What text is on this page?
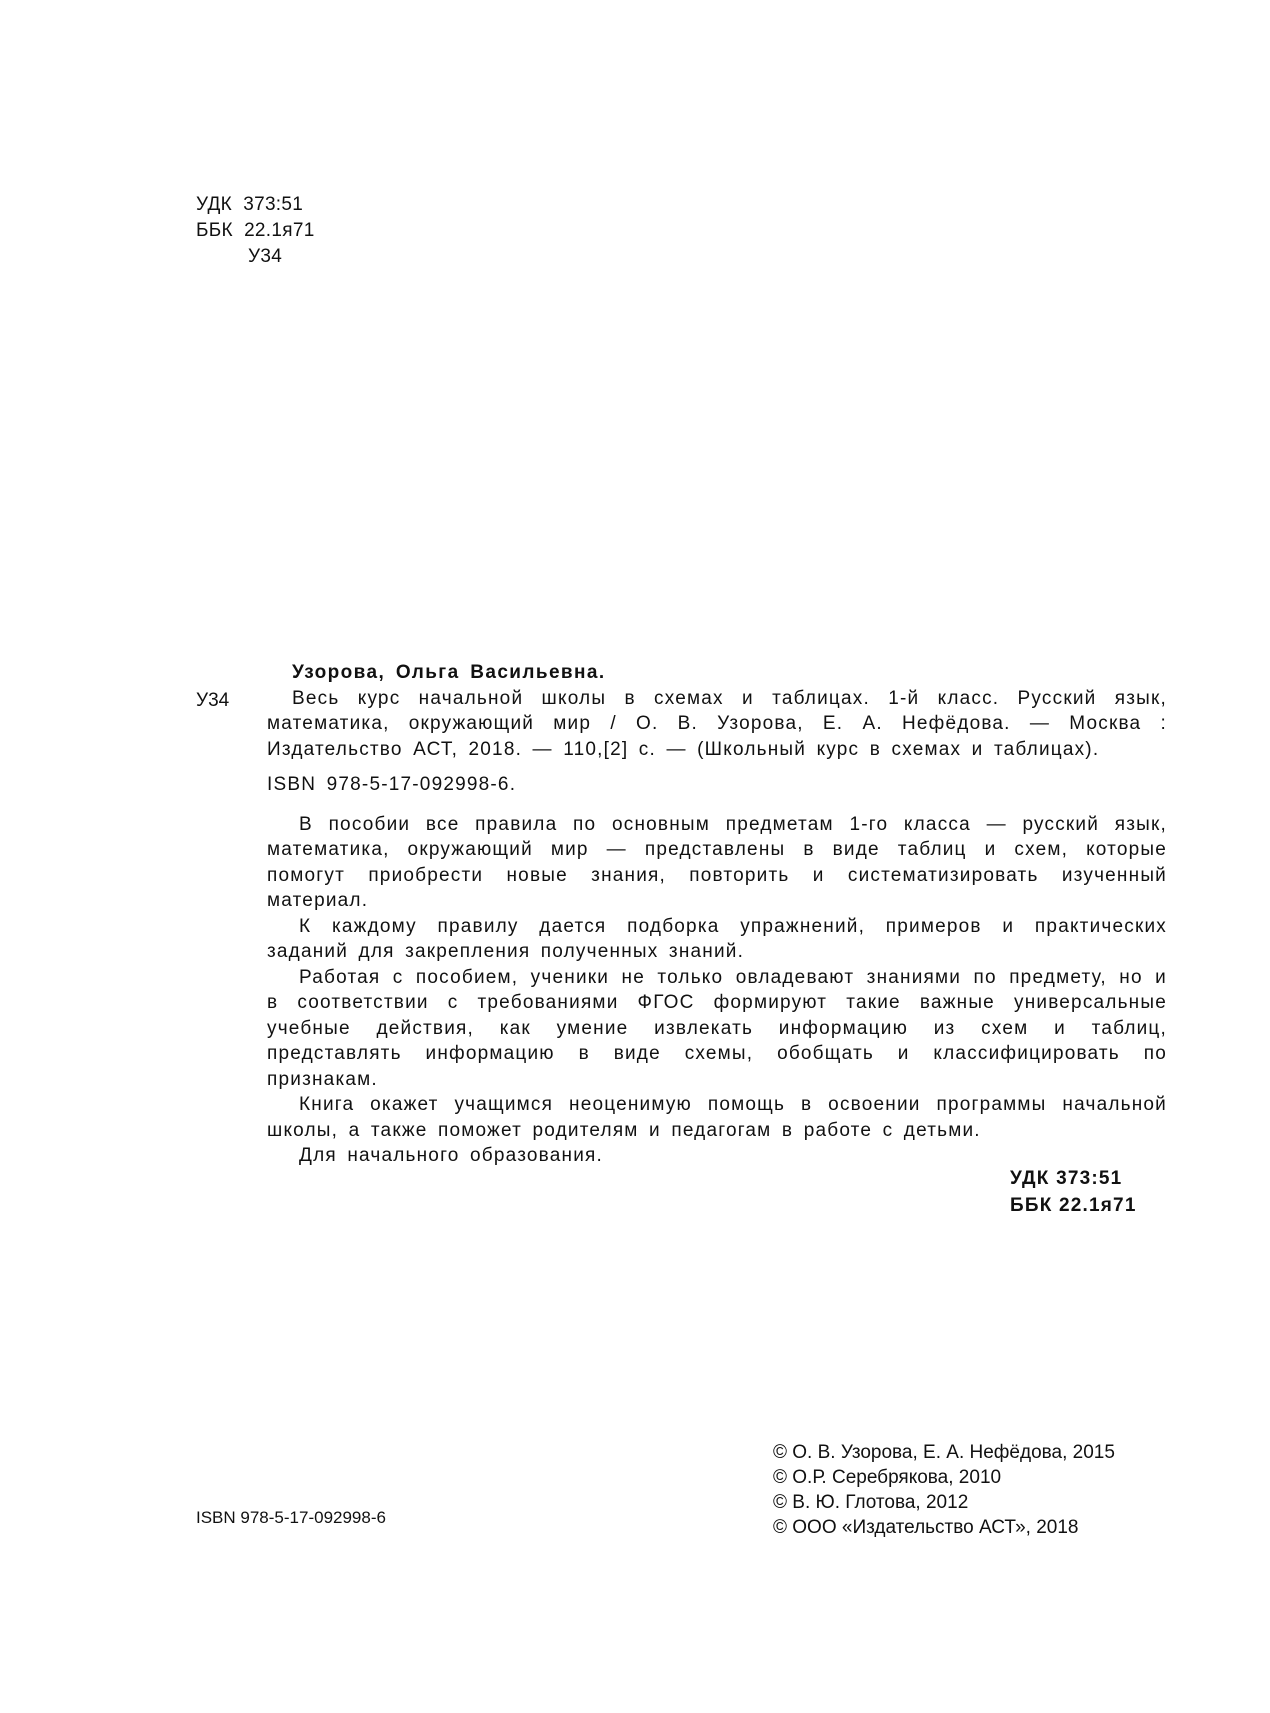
УДК  373:51
ББК  22.1я71
У34
У34
Узорова, Ольга Васильевна.

Весь курс начальной школы в схемах и таблицах. 1-й класс. Русский язык, математика, окружающий мир / О. В. Узорова, Е. А. Нефёдова. — Москва : Издательство АСТ, 2018. — 110,[2] с. — (Школьный курс в схемах и таблицах).

ISBN 978-5-17-092998-6.

В пособии все правила по основным предметам 1-го класса — русский язык, математика, окружающий мир — представлены в виде таблиц и схем, которые помогут приобрести новые знания, повторить и систематизировать изученный материал.

К каждому правилу дается подборка упражнений, примеров и практических заданий для закрепления полученных знаний.

Работая с пособием, ученики не только овладевают знаниями по предмету, но и в соответствии с требованиями ФГОС формируют такие важные универсальные учебные действия, как умение извлекать информацию из схем и таблиц, представлять информацию в виде схемы, обобщать и классифицировать по признакам.

Книга окажет учащимся неоценимую помощь в освоении программы начальной школы, а также поможет родителям и педагогам в работе с детьми.

Для начального образования.

УДК 373:51
ББК 22.1я71
ISBN 978-5-17-092998-6
© О. В. Узорова, Е. А. Нефёдова, 2015
© О.Р. Серебрякова, 2010
© В. Ю. Глотова, 2012
© ООО «Издательство АСТ», 2018
